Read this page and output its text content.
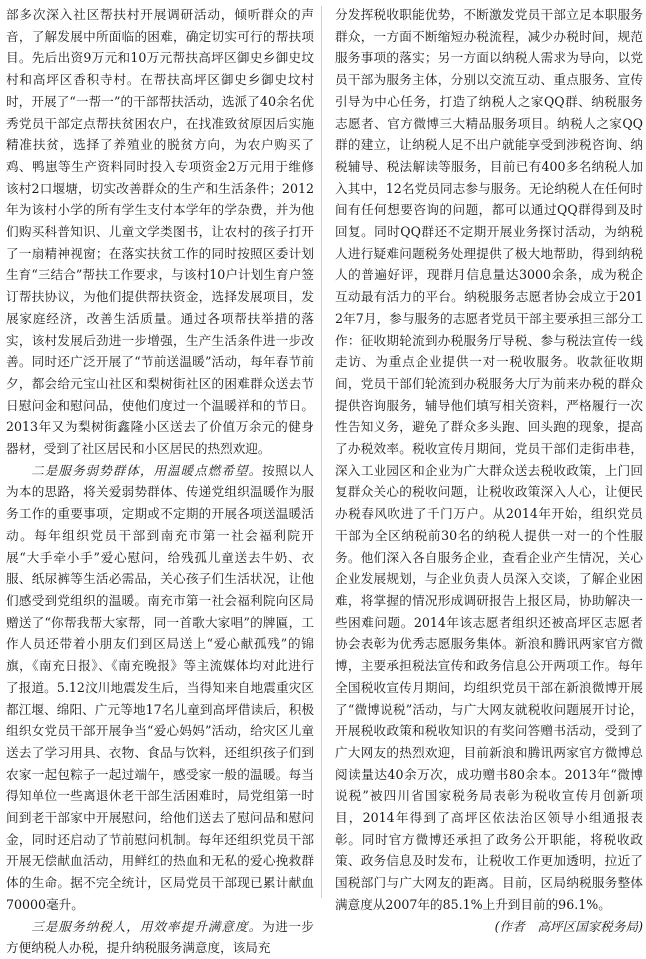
部多次深入社区帮扶村开展调研活动，倾听群众的声音，了解发展中所面临的困难，确定切实可行的帮扶项目。先后出资9万元和10万元帮扶高坪区御史乡御史坟村和高坪区香积寺村。在帮扶高坪区御史乡御史坟村时，开展了“一帮一”的干部帮扶活动，选派了40余名优秀党员干部定点帮扶贫困农户，在找准致贫原因后实施精准扶贫，选择了养殖业的脱贫方向，为农户购买了鸡、鸭崽等生产资料同时投入专项资金2万元用于维修该村2口堰塘，切实改善群众的生产和生活条件；2012年为该村小学的所有学生支付本学年的学杂费，并为他们购买科普知识、儿童文学类图书，让农村的孩子打开了一扇精神视窗；在落实扶贫工作的同时按照区委计划生育“三结合”帮扶工作要求，与该村10户计划生育户签订帮扶协议，为他们提供帮扶资金，选择发展项目，发展家庭经济，改善生活质量。通过各项帮扶举措的落实，该村发展后劲进一步增强，生产生活条件进一步改善。同时还广泛开展了“节前送温暖”活动，每年春节前夕，都会给元宝山社区和梨树街社区的困难群众送去节日慰问金和慰问品，使他们度过一个温暖祥和的节日。2013年又为梨树街鑫隆小区送去了价值万余元的健身器材，受到了社区居民和小区居民的热烈欢迎。

二是服务弱势群体，用温暖点燃希望。按照以人为本的思路，将关爱弱势群体、传递党组织温暖作为服务工作的重要事项，定期或不定期的开展各项送温暖活动。每年组织党员干部到南充市第一社会福利院开展“大手牵小手”爱心慰问，给残孤儿童送去牛奶、衣服、纸尿裤等生活必需品，关心孩子们生活状况，让他们感受到党组织的温暖。南充市第一社会福利院向区局赠送了“你帮我帮大家帮，同一首歌大家唱”的牌匾，工作人员还带着小朋友们到区局送上“爱心献孤残”的锦旗，《南充日报》、《南充晚报》等主流媒体均对此进行了报道。5.12汶川地震发生后，当得知来自地震重灾区都江堰、绵阳、广元等地17名儿童到高坪借读后，积极组织女党员干部开展争当“爱心妈妈”活动，给灾区儿童送去了学习用具、衣物、食品与饮料，还组织孩子们到农家一起包粽子一起过端午，感受家一般的温暖。每当得知单位一些离退休老干部生活困难时，局党组第一时间到老干部家中开展慰问，给他们送去了慰问品和慰问金，同时还启动了节前慰问机制。每年还组织党员干部开展无偿献血活动，用鲜红的热血和无私的爱心挽救群体的生命。据不完全统计，区局党员干部现已累计献血70000毫升。

三是服务纳税人，用效率提升满意度。为进一步方便纳税人办税，提升纳税服务满意度，该局充

分发挥税收职能优势，不断激发党员干部立足本职服务群众，一方面不断缩短办税流程，减少办税时间，规范服务事项的落实；另一方面以纳税人需求为导向，以党员干部为服务主体，分别以交流互动、重点服务、宣传引导为中心任务，打造了纳税人之家QQ群、纳税服务志愿者、官方微博三大精品服务项目。纳税人之家QQ群的建立，让纳税人足不出户就能享受到涉税咨询、纳税辅导、税法解读等服务，目前已有400多名纳税人加入其中，12名党员同志参与服务。无论纳税人在任何时间有任何想要咨询的问题，都可以通过QQ群得到及时回复。同时QQ群还不定期开展业务探讨活动，为纳税人进行疑难问题税务处理提供了极大地帮助，得到纳税人的普遍好评，现群月信息量达3000余条，成为税企互动最有活力的平台。纳税服务志愿者协会成立于2012年7月，参与服务的志愿者党员干部主要承担三部分工作：征收期轮流到办税服务厅导税、参与税法宣传一线走访、为重点企业提供一对一税收服务。收款征收期间，党员干部们轮流到办税服务大厅为前来办税的群众提供咨询服务，辅导他们填写相关资料，严格履行一次性告知义务，避免了群众多头跑、回头跑的现象，提高了办税效率。税收宣传月期间，党员干部们走街串巷，深入工业园区和企业为广大群众送去税收政策，上门回复群众关心的税收问题，让税收政策深入人心，让便民办税春风吹进了千门万户。从2014年开始，组织党员干部为全区纳税前30名的纳税人提供一对一的个性服务。他们深入各自服务企业，查看企业产生情况，关心企业发展规划，与企业负责人员深入交谈，了解企业困难，将掌握的情况形成调研报告上报区局，协助解决一些困难问题。2014年该志愿者组织还被高坪区志愿者协会表彰为优秀志愿服务集体。新浪和腾讯两家官方微博，主要承担税法宣传和政务信息公开两项工作。每年全国税收宣传月期间，均组织党员干部在新浪微博开展了“微博说税”活动，与广大网友就税收问题展开讨论，开展税收政策和税收知识的有奖问答赠书活动，受到了广大网友的热烈欢迎，目前新浪和腾讯两家官方微博总阅读量达40余万次，成功赠书80余本。2013年“微博说税”被四川省国家税务局表彰为税收宣传月创新项目，2014年得到了高坪区依法治区领导小组通报表彰。同时官方微博还承担了政务公开职能，将税收政策、政务信息及时发布，让税收工作更加透明，拉近了国税部门与广大网友的距离。目前，区局纳税服务整体满意度从2007年的85.1%上升到目前的96.1%。
(作者　高坪区国家税务局)
